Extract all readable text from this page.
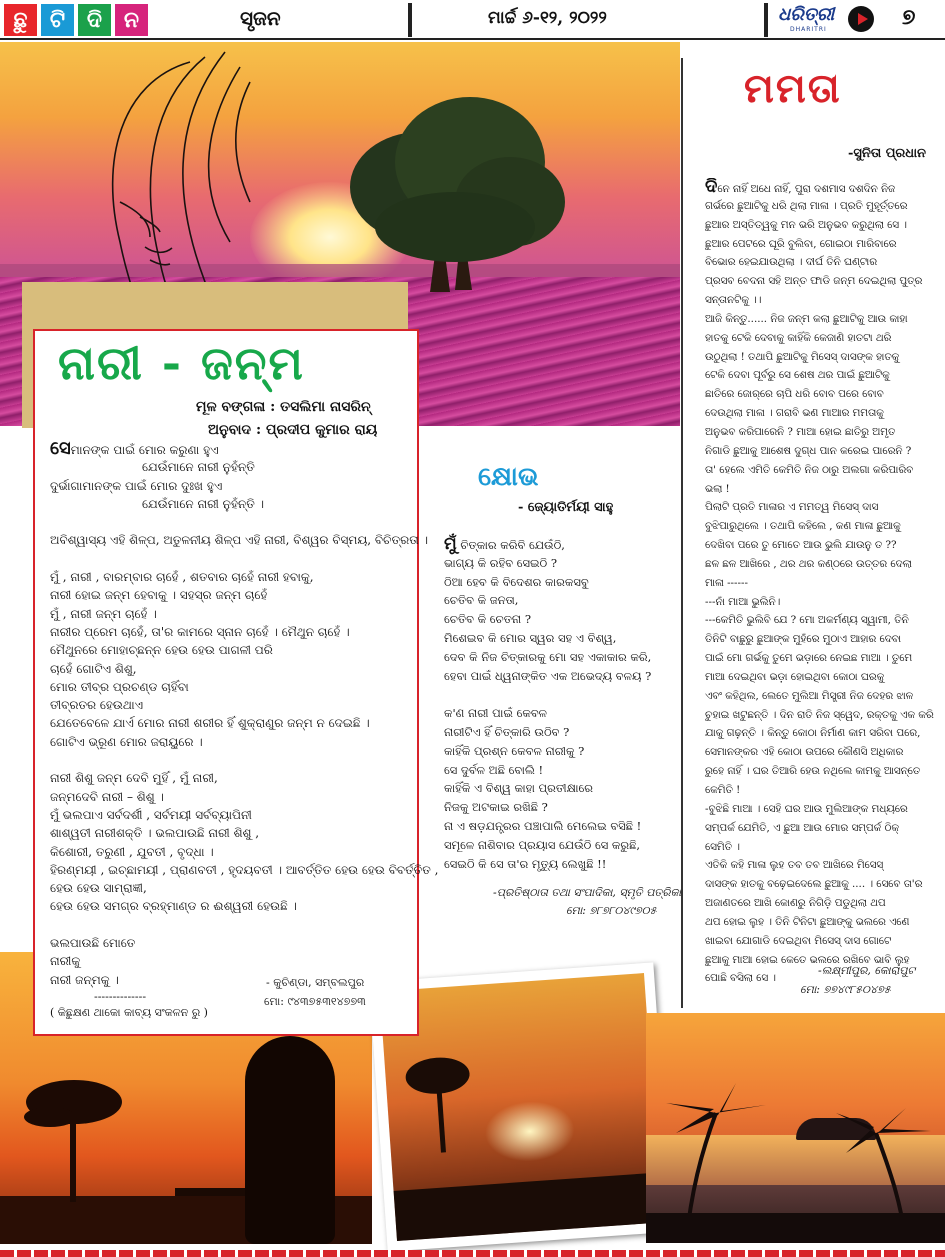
ଛୁ ଟି ଦି ନ	ସୃଜନ	ମାର୍ଚ୍ଚ ୬-୧୨, ୨୦୨୨	ଧରିତ୍ରୀ
DHARITRI	୭
ନାରୀ - ଜନ୍ମ
ମୂଳ ବଙ୍ଗଳା : ତସଲିମା ନାସରିନ୍
ଅନୁବାଦ : ପ୍ରଦୀପ କୁମାର ରାୟ
ସେମାନଙ୍କ ପାଇଁ ମୋର କରୁଣା ହୁଏ
ଯେଉଁମାନେ ନାରୀ ନୁହଁନ୍ତି
ଦୁର୍ଭାଗାମାନଙ୍କ ପାଇଁ ମୋର ଦୁଃଖ ହୁଏ
ଯେଉଁମାନେ ନାରୀ ନୁହଁନ୍ତି ।
ଅବିଶ୍ୱାସ୍ୟ ଏହି ଶିଳ୍ପ, ଅତୁଳନୀୟ ଶିଳ୍ପ ଏହି ନାରୀ, ବିଶ୍ୱର ବିସ୍ମୟ, ବିଚିତ୍ରତା ।
ମୁଁ , ନାରୀ , ବାରମ୍ବାର ଚାହେଁ , ଶତବାର ଚାହେଁ ନାରୀ ହବାକୁ,
ନାରୀ ହୋଇ ଜନ୍ମ ହେବାକୁ । ସହସ୍ର ଜନ୍ମ ଚାହେଁ
ମୁଁ , ନାରୀ ଜନ୍ମ ଚାହେଁ ।
ନାରୀର ପ୍ରେମ ଚାହେଁ, ତା'ର କାମରେ ସ୍ନାନ ଚାହେଁ । ମୈଥୁନ ଚାହେଁ ।
ମୈଥୁନରେ ମୋହାଚ୍ଛନ୍ନ ହେଉ ହେଉ ପାଗଳୀ ପରି
ଚାହେଁ ଗୋଟିଏ ଶିଶୁ,
ମୋର ତୀବ୍ର ପ୍ରଚଣ୍ଡ ଚାହିଁବା
ତୀବ୍ରତର ହେଉଥାଏ
ଯେତେବେଳେ ଯାର୍ଏ ମୋର ନାରୀ ଶରୀର ହିଁ ଶୁକ୍ରାଣୁର ଜନ୍ମ ନ ଦେଇଛି ।
ଗୋଟିଏ ଭ୍ରୂଣ ମୋର ଜରାୟୁରେ ।
ନାରୀ ଶିଶୁ ଜନ୍ମ ଦେବି ମୁହିଁ , ମୁଁ ନାରୀ,
ଜନ୍ମଦେବି ନାରୀ – ଶିଶୁ ।
ମୁଁ ଭଲପାଏ ସର୍ବଦର୍ଶୀ , ସର୍ବମୟୀ ସର୍ବବ୍ୟାପିନୀ
ଶାଶ୍ୱତୀ ନାରୀଶକ୍ତି । ଭଲପାଉଛି ନାରୀ ଶିଶୁ ,
କିଶୋରୀ, ତରୁଣୀ , ଯୁବତୀ , ବୃଦ୍ଧା ।
ହିରଣ୍ମୟୀ , ଇଚ୍ଛାମୟୀ , ପ୍ରାଣବତୀ , ହୃଦୟବତୀ । ଆବର୍ତ୍ତିତ ହେଉ ହେଉ ବିବର୍ତ୍ତିତ ,
ହେଉ ହେଉ ସାମ୍ରାଜ୍ଞୀ,
ହେଉ ହେଉ ସମଗ୍ର ବ୍ରହ୍ମାଣ୍ଡ ର ଈଶ୍ୱରୀ ହେଉଛି ।
ଭଲପାଉଛି ମୋତେ
ନାରୀକୁ
ନାରୀ ଜନ୍ମକୁ ।	- କୁଚିଣ୍ଡା, ସମ୍ବଲପୁର
ମୋ: ୯୪୩୭୫୩୧୪୭୭୩
--------------
( କିଛୁକ୍ଷଣ ଥାକୋ କାବ୍ୟ ସଂକଳନ ରୁ )
କ୍ଷୋଭ
- ଜ୍ୟୋତିର୍ମୟୀ ସାହୁ
ମୁଁ ଚିତ୍କାର କରିବି ଯେଉଁଠି,
ଭାଗ୍ୟ କି ରହିବ ସେଇଠି ?
ଠିଆ ହେବ କି ବିଦେଶର କାରକସବୁ
ଚେତିବ କି ଜନତା,
ଚେତିବ କି ଚେତନା ?
ମିଶେଇବ କି ମୋର ସ୍ୱର ସହ ଏ ବିଶ୍ୱ,
ଦେବ କି ନିଜ ଚିତ୍କାରକୁ ମୋ ସହ ଏକାକାର କରି,
ହେବା ପାଇଁ ଧ୍ୱନାଙ୍କିତ ଏକ ଅଭେଦ୍ୟ ବଳୟ ?
କ'ଣ ନାରୀ ପାଇଁ କେବଳ
ନାରୀଟିଏ ହିଁ ଚିତ୍କାରି ଉଠିବ ?
କାହିଁକି ପ୍ରଶ୍ନ କେବଳ ନାରୀକୁ ?
ସେ ଦୁର୍ବଳ ଅଛି ବୋଲି !
କାହିଁକି ଏ ବିଶ୍ୱ କାହା ପ୍ରତୀକ୍ଷାରେ
ନିଜକୁ ଅଟକାଇ ରଖିଛି ?
ନା ଏ ଷଡ଼ଯନ୍ତ୍ରର ପଞ୍ଚାପାଲି ମେଲେଇ ବସିଛି !
ସମୂଳେ ନାଶିବାର ପ୍ରୟାସ ଯେଉଁଠି ସେ କରୁଛି,
ସେଇଠି କି ସେ ତା'ର ମୃତ୍ୟୁ ଲେଖୁଛି !!
-ପ୍ରତିଷ୍ଠାତା ତଥା ସଂପାଦିକା, ସ୍ମୃତି ପତ୍ରିକା
ମୋ: ୭୮୭୮୦୪୯୭୦୫
ମମତା
-ସୁନିତା ପ୍ରଧାନ
ଦିନେ ନାହିଁ ଅଧେ ନାହିଁ, ପୁରା ଦଶମାସ ଦଶଦିନ ନିଜ
ଗର୍ଭରେ ଛୁଆଟିକୁ ଧରି ଥିଲା ମାଳା । ପ୍ରତି ମୁହୂର୍ତ୍ତରେ
ଛୁଆର ଅସ୍ତିତ୍ୱକୁ ମନ ଭରି ଅନୁଭବ କରୁଥିଲା ସେ ।
ଛୁଆର ପେଟରେ ଘୂରି ବୁଲିବା, ଗୋଇଠା ମାରିବାରେ
ବିଭୋର ହେଇଯାଉଥିଲା । ଦୀର୍ଘ ତିନି ଘଣ୍ଟାର
ପ୍ରସବ ବେଦନା ସହି ଅନ୍ତ ଫାଡି ଜନ୍ମ ଦେଇଥିଲା ପୁତ୍ର
ସନ୍ତାନଟିକୁ ।।
ଆଜି କିନ୍ତୁ...... ନିଜ ଜନ୍ମ କଲା ଛୁଆଟିକୁ ଆଉ କାହା
ହାତକୁ ଟେକି ଦେବାକୁ କାହିଁକି କେଜାଣି ହାତଟା ଥରି
ଉଠୁଥିଲା ! ତଥାପି ଛୁଆଟିକୁ ମିସେସ୍ ଦାସଙ୍କ ହାତକୁ
ଟେକି ଦେବା ପୂର୍ବରୁ ସେ ଶେଷ ଥର ପାଇଁ ଛୁଆଟିକୁ
ଛାତିରେ ଜୋର୍‌ରେ ଚାପି ଧରି ବୋବ ପରେ ବୋବ
ଦେଉଥିଲା ମାଳା । ଗରାବି ଭଣ ମାଆର ମମତାକୁ
ଅନୁଭବ କରିପାରେନି ? ମାଆ ହୋଇ ଛାତିରୁ ଅମୃତ
ନିଗାଡି ଛୁଆକୁ ଆଶେଷ ଦୁଗ୍ଧ ପାନ କରେଇ ପାରେନି ?
ତା' ହେଲେ ଏମିତି କେମିତି ନିଜ ଠାରୁ ଅଲଗା କରିପାରିବ
ଭଲା !
ପିଲାଟି ପ୍ରତି ମାଳାର ଏ ମମତ୍ୱ ମିସେସ୍ ଦାସ
ବୁଝିପାରୁଥିଲେ । ତଥାପି କହିଲେ , କଣ ମାଳା ଛୁଆକୁ
ଦେଖିବା ପରେ ତୁ ମୋତେ ଆଉ ଭୁଲି ଯାଉନୁ ତ ??
ଛଳ ଛଳ ଆଖିରେ , ଥର ଥର କଣ୍ଠରେ ଉତ୍ତର ଦେଲା
ମାଳା ------
---ନାଁ ମାଆ ଭୁଲିନି।
---କେମିତି ଭୁଲିବି ଯେ ? ମୋ ଅକର୍ମଣ୍ୟ ସ୍ୱାମୀ, ତିନି
ତିନିଟି ବାଛୁରୁ ଛୁଆଙ୍କ ମୁହଁରେ ମୁଠାଏ ଆହାର ଦେବା
ପାଇଁ ମୋ ଗର୍ଭକୁ ତୁମେ ଭଡ଼ାରେ ନେଇଛ ମାଆ । ତୁମେ
ମାଆ ଦେଇଥିବା ଭଡ଼ା ହୋଇଥିବା କୋଠା ଘରକୁ
ଏବଂ କହିଥିଲ, ଲେତେ ମୁଲିଆ ମିସ୍ତ୍ରୀ ନିଜ ଦେହର ଝାଳ
ଚୁହାଇ ଖଟୁଛନ୍ତି । ଦିନ ରାତି ନିଜ ସ୍ୱେଦ, ରକ୍ତକୁ ଏକ କରି
ଯାକୁ ଗଢ଼ନ୍ତି । କିନ୍ତୁ କୋଠା ନିର୍ମାଣ କାମ ସରିବା ପରେ,
ସେମାନଙ୍କର ଏହି କୋଠା ଉପରେ କୌଣସି ଅଧିକାର
ରୁହେ ନାହିଁ । ଘର ତିଆରି ହେଉ ନଥିଲେ କାମକୁ ଆସନ୍ତେ
କେମିତି !
-ବୁଝିଛି ମାଆ । ସେହି ଘର ଆଉ ମୁଲିଆଙ୍କ ମଧ୍ୟରେ
ସମ୍ପର୍କ ଯେମିତି, ଏ ଛୁଆ ଆଉ ମୋର ସମ୍ପର୍କ ଠିକ୍
ସେମିତି ।
ଏତିକି କହି ମାଳା ଲୁହ ତବ ତବ ଆଖିରେ ମିସେସ୍
ଦାସଙ୍କ ହାତକୁ ବଢ଼େଇଦେଲେ ଛୁଆକୁ .... । ସେବେ ତା'ର
ଅଜାଣତରେ ଆଖି କୋଣରୁ ନିଗିଡ଼ି ପଡୁଥିଲା ଥପ
ଥପ ହୋଇ ଲୁହ । ତିନି ଟିନିଟା ଛୁଆଙ୍କୁ ଭଲରେ ଏଣେ
ଖାଇବା ଯୋଗାଡି ଦେଇଥିବା ମିସେସ୍ ଦାସ ଗୋଟେ
ଛୁଆକୁ ମାଆ ହୋଇ କେତେ ଭଲରେ ରଖିବେ ଭାବି ଲୁହ
ପୋଛି ବସିଲା ସେ ।
-ଲକ୍ଷ୍ମୀପୁର, କୋରାପୁଟ
ମୋ: ୭୭୪୯୮୫୦୪୭୫
